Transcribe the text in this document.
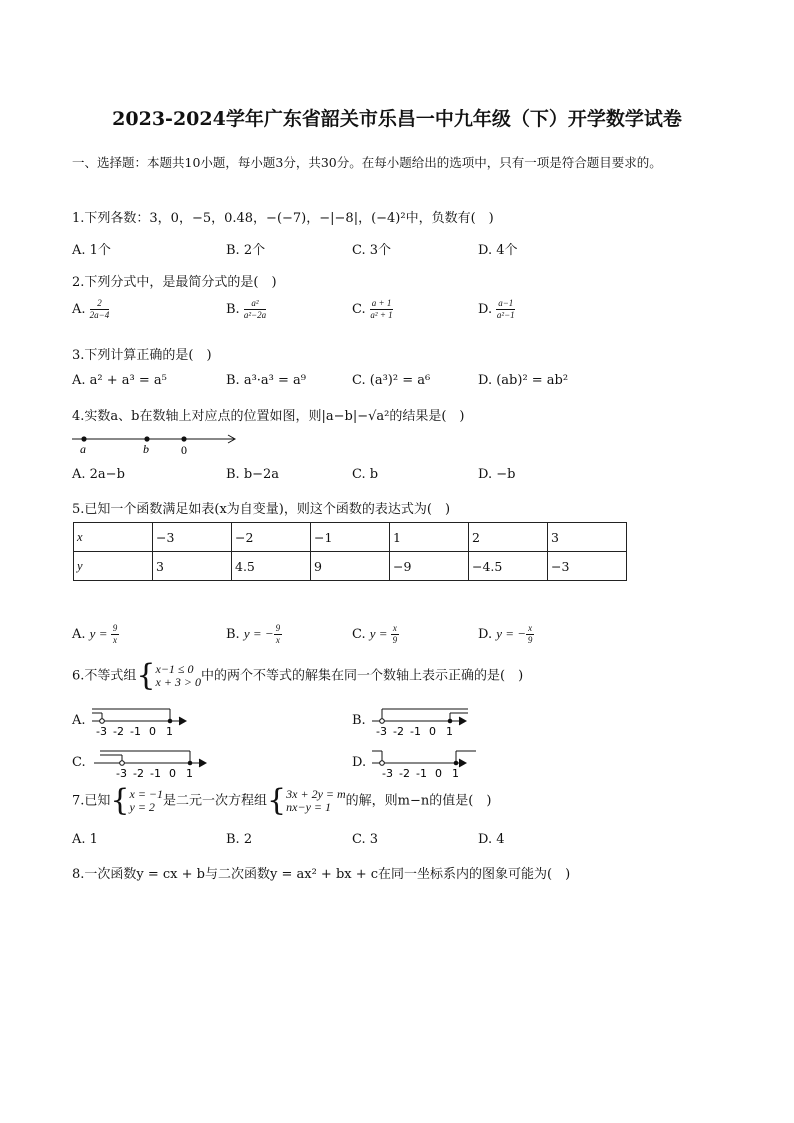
2023-2024学年广东省韶关市乐昌一中九年级（下）开学数学试卷
一、选择题：本题共10小题，每小题3分，共30分。在每小题给出的选项中，只有一项是符合题目要求的。
1.下列各数：3，0，−5，0.48，−(−7)，−|−8|，(−4)²中，负数有(　)
A. 1个	B. 2个	C. 3个	D. 4个
2.下列分式中，是最简分式的是(　)
A. $\frac{2}{2a-4}$	B. $\frac{\text{a²}}{\text{a²−2a}}$	C. $\frac{a + 1}{\text{a² + 1}}$	D. $\frac{a-1}{\text{a²−1}}$
3.下列计算正确的是(　)
A. a² + a³ = a⁵	B. a³·a³ = a⁹	C. (a³)² = a⁶	D. (ab)² = ab²
4.实数a、b在数轴上对应点的位置如图，则|a−b|−√a²的结果是(　)
a	b	0
A. 2a−b	B. b−2a	C. b	D. −b
5.已知一个函数满足如表(x为自变量)，则这个函数的表达式为(　)
x	−3	−2	−1	1	2	3
y	3	4.5	9	−9	−4.5	−3
A. $y = \frac{9}{x}$	B. y = − $\frac{9}{x}$	C. $y = \frac{x}{9}$	D. y = − $\frac{x}{9}$
6.不等式组{ x−1 ≤ 0
x + 3 > 0 中的两个不等式的解集在同一个数轴上表示正确的是(　)
A.
-3 -2 -1 0 1
B.
-3 -2 -1 0 1
C.
-3 -2 -1 0 1
D.
-3 -2 -1 0 1
7.已知{ x = −1
y = 2 是二元一次方程组{ 3x + 2y = m
nx−y = 1	的解，则m−n的值是(　)
A. 1	B. 2	C. 3	D. 4
8.一次函数y = cx + b与二次函数y = ax² + bx + c在同一坐标系内的图象可能为(　)
